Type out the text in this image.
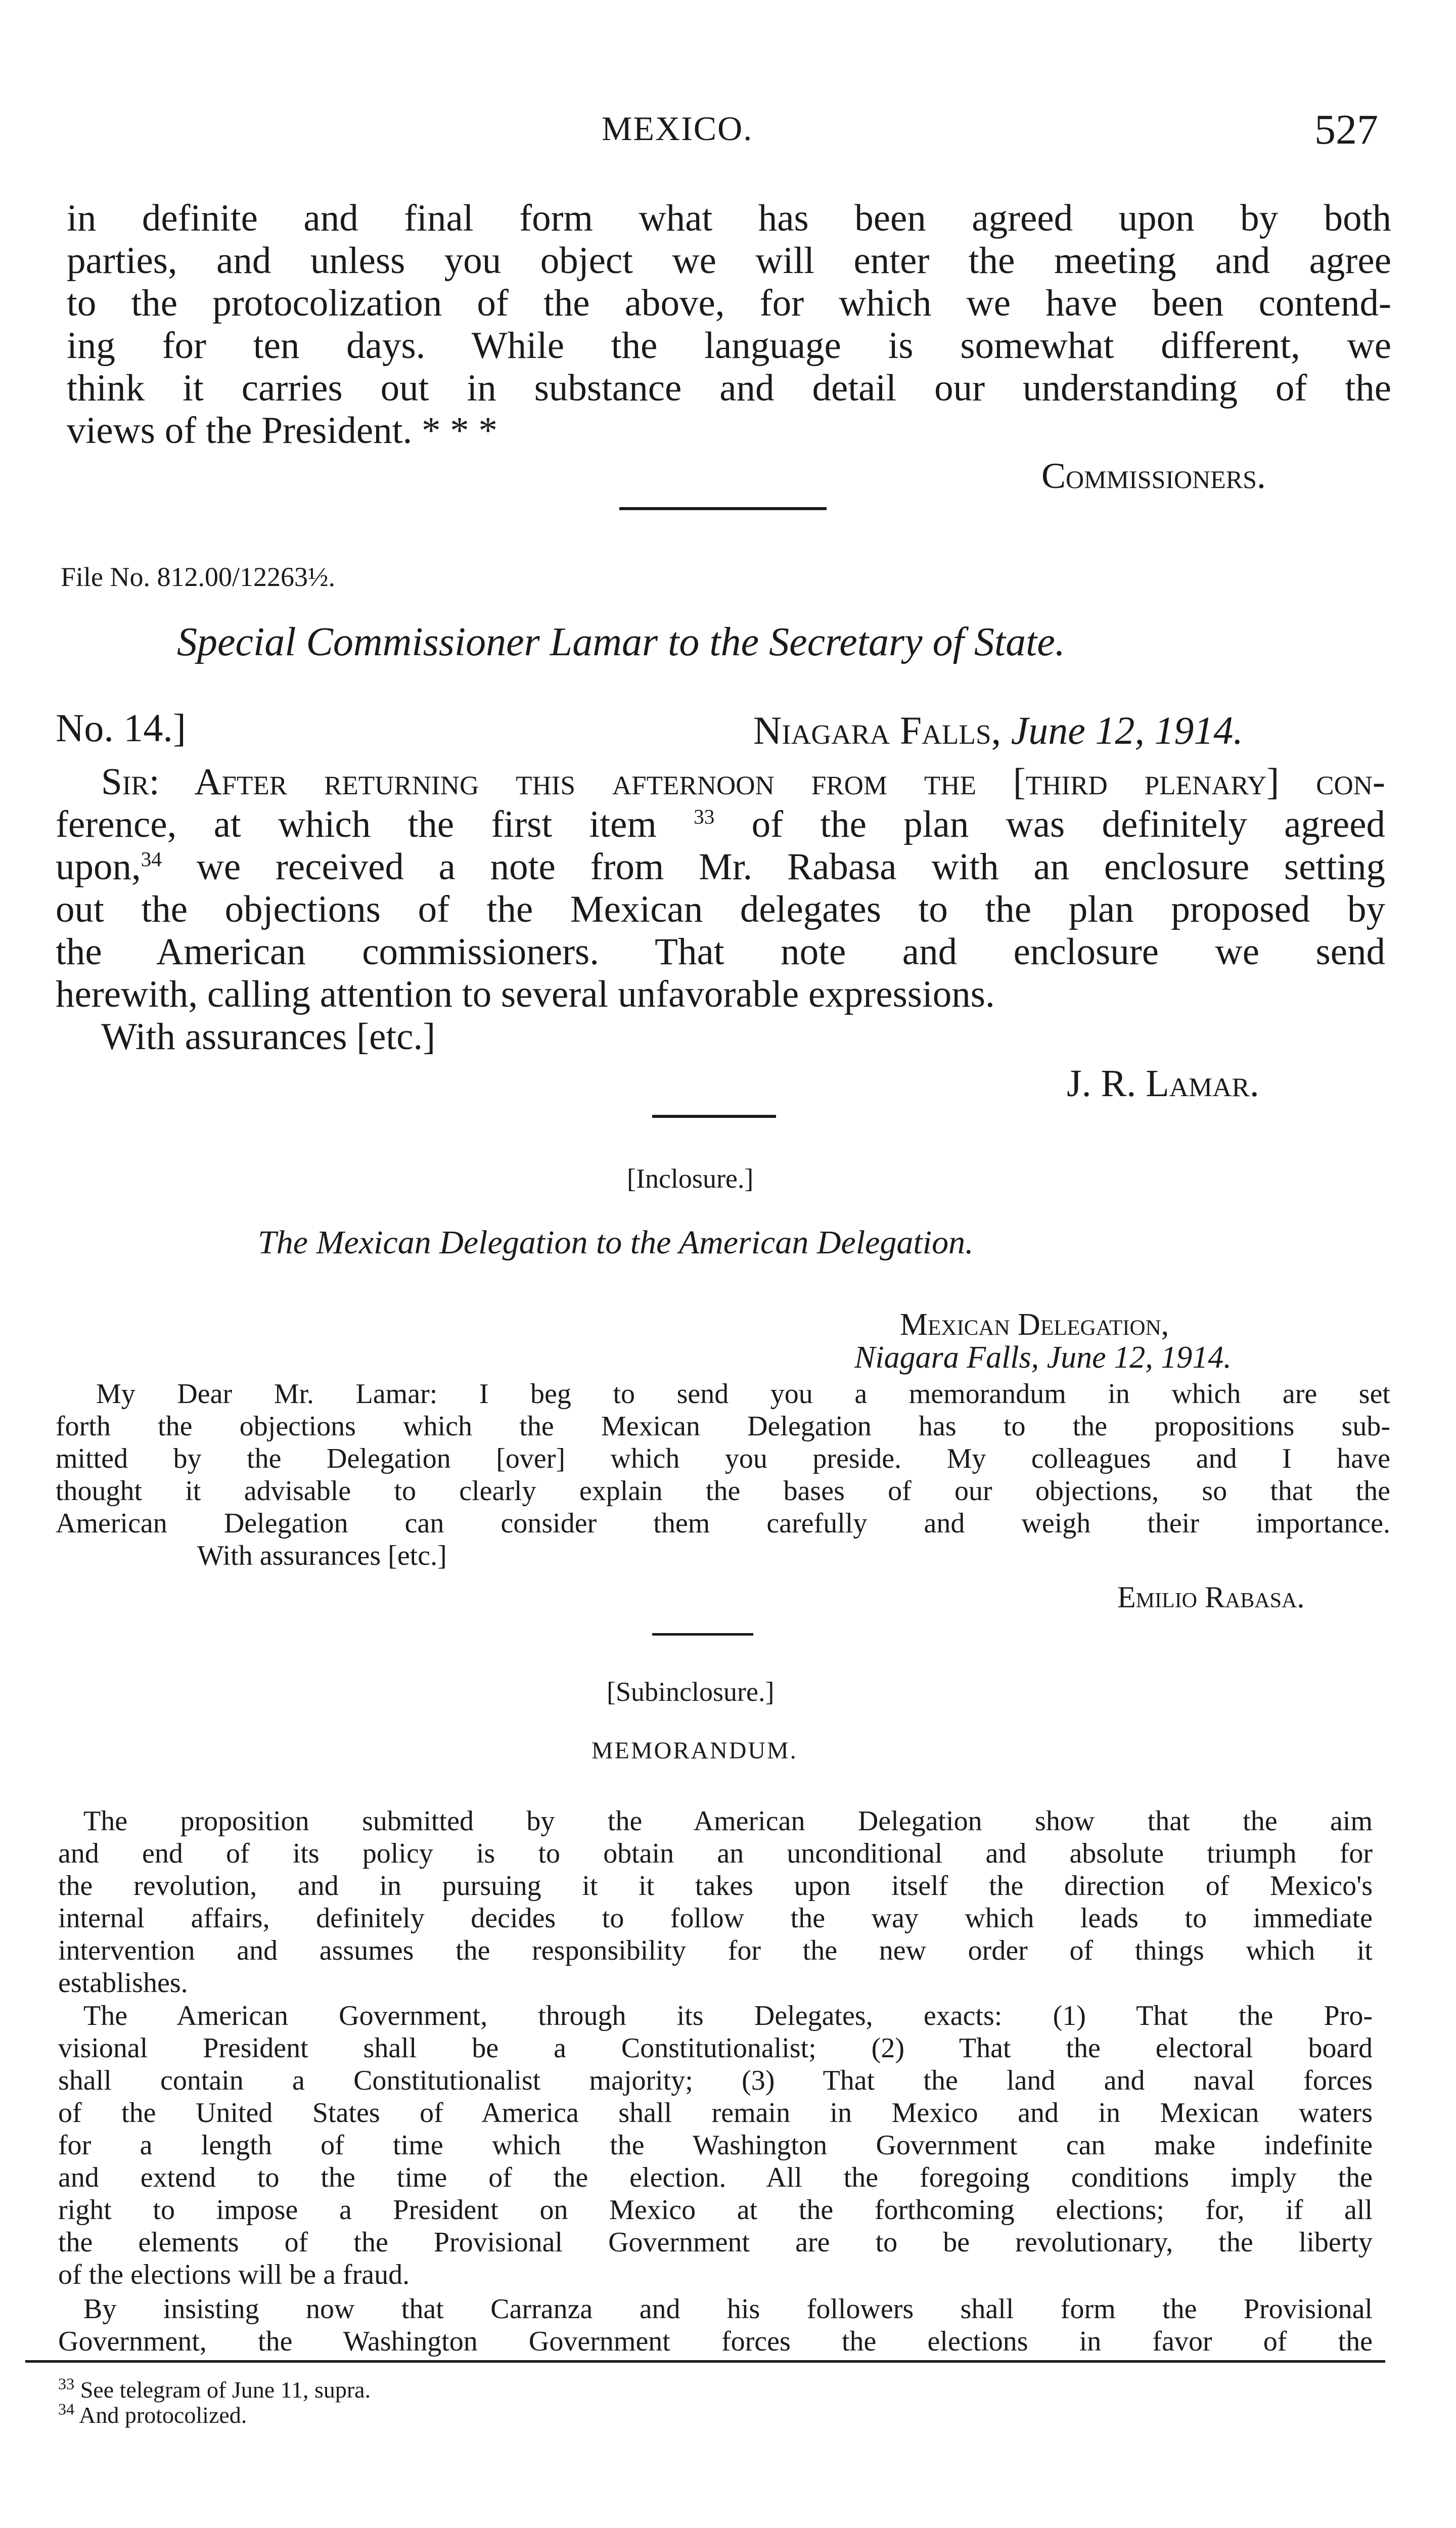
MEXICO.	527
in definite and final form what has been agreed upon by both
parties, and unless you object we will enter the meeting and agree
to the protocolization of the above, for which we have been contend-
ing for ten days. While the language is somewhat different, we
think it carries out in substance and detail our understanding of the
views of the President. * * *
Commissioners.
File No. 812.00/12263½.
Special Commissioner Lamar to the Secretary of State.
No. 14.]	Niagara Falls, June 12, 1914.
Sir: After returning this afternoon from the [third plenary] con-
ference, at which the first item $^{33}$ of the plan was definitely agreed
upon,$^{34}$ we received a note from Mr. Rabasa with an enclosure setting
out the objections of the Mexican delegates to the plan proposed by
the American commissioners. That note and enclosure we send
herewith, calling attention to several unfavorable expressions.
With assurances [etc.]
J. R. Lamar.
[Inclosure.]
The Mexican Delegation to the American Delegation.
Mexican Delegation,
Niagara Falls, June 12, 1914.
My Dear Mr. Lamar: I beg to send you a memorandum in which are set
forth the objections which the Mexican Delegation has to the propositions sub-
mitted by the Delegation [over] which you preside. My colleagues and I have
thought it advisable to clearly explain the bases of our objections, so that the
American Delegation can consider them carefully and weigh their importance.
With assurances [etc.]
Emilio Rabasa.
[Subinclosure.]
MEMORANDUM.
The proposition submitted by the American Delegation show that the aim
and end of its policy is to obtain an unconditional and absolute triumph for
the revolution, and in pursuing it it takes upon itself the direction of Mexico's
internal affairs, definitely decides to follow the way which leads to immediate
intervention and assumes the responsibility for the new order of things which it
establishes.
The American Government, through its Delegates, exacts: (1) That the Pro-
visional President shall be a Constitutionalist; (2) That the electoral board
shall contain a Constitutionalist majority; (3) That the land and naval forces
of the United States of America shall remain in Mexico and in Mexican waters
for a length of time which the Washington Government can make indefinite
and extend to the time of the election. All the foregoing conditions imply the
right to impose a President on Mexico at the forthcoming elections; for, if all
the elements of the Provisional Government are to be revolutionary, the liberty
of the elections will be a fraud.
By insisting now that Carranza and his followers shall form the Provisional
Government, the Washington Government forces the elections in favor of the
$^{33}$ See telegram of June 11, supra.
$^{34}$ And protocolized.
